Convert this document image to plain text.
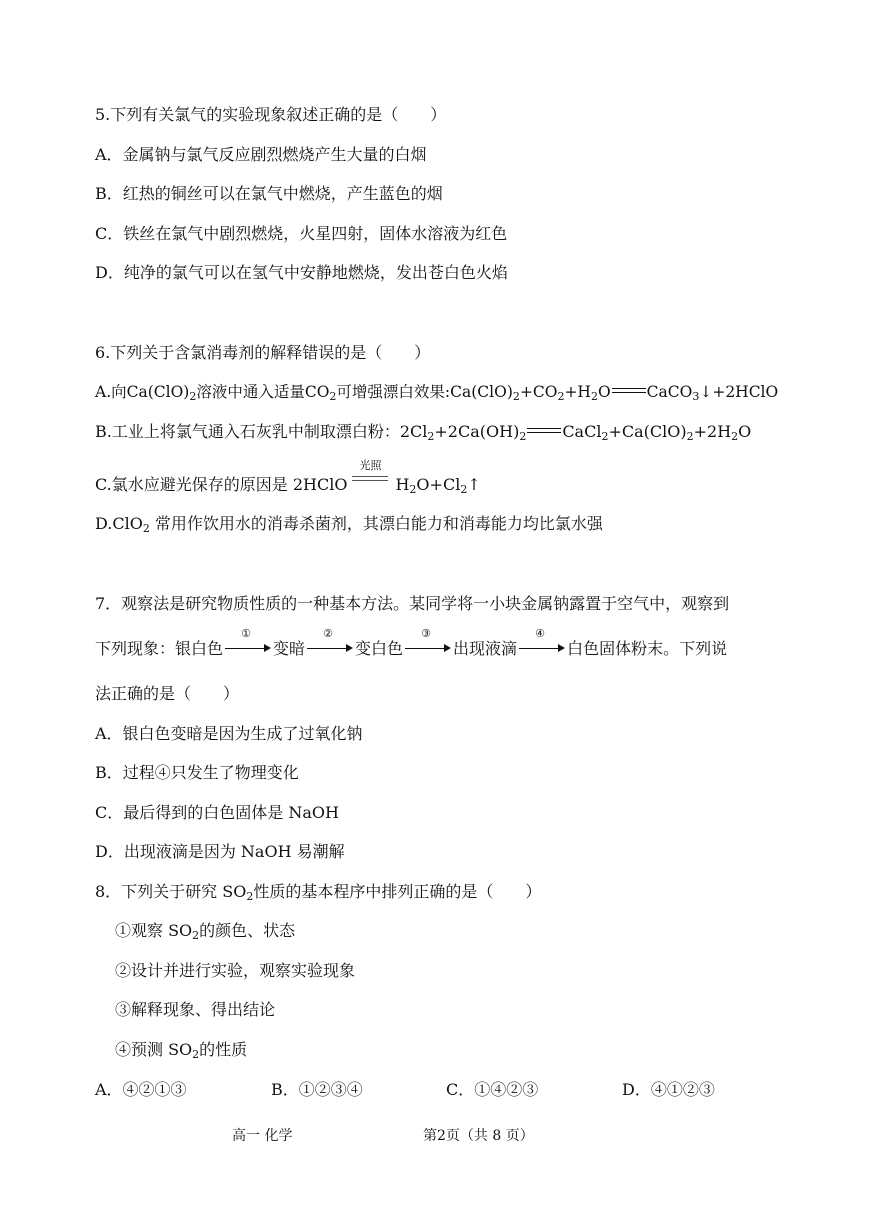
5.下列有关氯气的实验现象叙述正确的是（　　）
A．金属钠与氯气反应剧烈燃烧产生大量的白烟
B．红热的铜丝可以在氯气中燃烧，产生蓝色的烟
C．铁丝在氯气中剧烈燃烧，火星四射，固体水溶液为红色
D．纯净的氯气可以在氢气中安静地燃烧，发出苍白色火焰
6.下列关于含氯消毒剂的解释错误的是（　　）
A.向$Ca(ClO)_2$溶液中通入适量$CO_2$可增强漂白效果$:Ca(ClO)_2+CO_2+H_2O$ CaCO$_3$↓+2HClO
B.工业上将氯气通入石灰乳中制取漂白粉：$2Cl_2+2Ca(OH)_2$ $CaCl_2+Ca(ClO)_2+2H_2O$
C.氯水应避光保存的原因是 2HClO
光照
$H_2O+Cl_2↑$
D.ClO$_2$ 常用作饮用水的消毒杀菌剂，其漂白能力和消毒能力均比氯水强
7．观察法是研究物质性质的一种基本方法。某同学将一小块金属钠露置于空气中，观察到
下列现象：银白色
①
变暗
②
变白色
③
出现液滴
④
白色固体粉末。下列说
法正确的是（　　）
A．银白色变暗是因为生成了过氧化钠
B．过程④只发生了物理变化
C．最后得到的白色固体是 NaOH
D．出现液滴是因为 NaOH 易潮解
8．下列关于研究 $SO_2$性质的基本程序中排列正确的是（　　）
①观察 $SO_2$的颜色、状态
②设计并进行实验，观察实验现象
③解释现象、得出结论
④预测 $SO_2$的性质
A．④②①③	B．①②③④	C．①④②③	D．④①②③
高一 化学	第2页（共 8 页）
